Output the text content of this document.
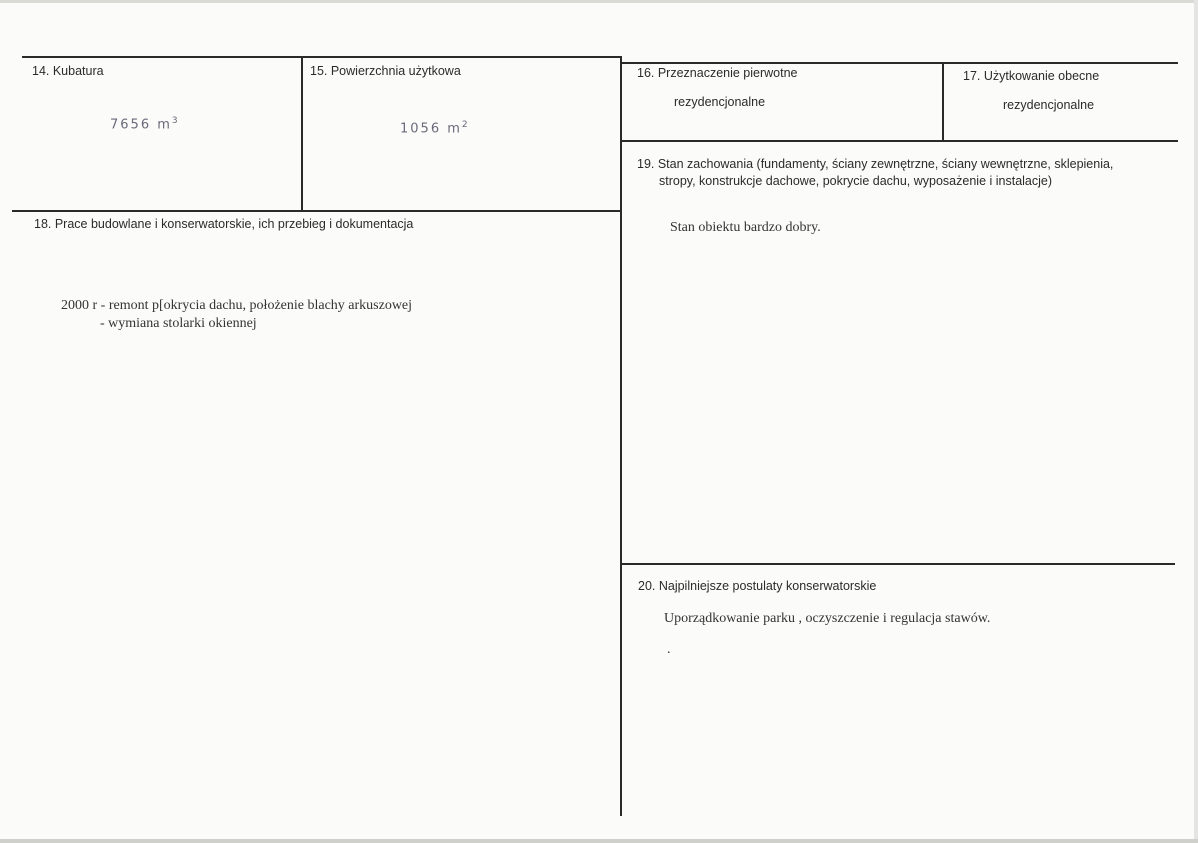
14. Kubatura
7656 $m^3$
15. Powierzchnia użytkowa
1056 $m^2$
16. Przeznaczenie pierwotne
rezydencjonalne
17. Użytkowanie obecne
rezydencjonalne
19. Stan zachowania (fundamenty, ściany zewnętrzne, ściany wewnętrzne, sklepienia,
stropy, konstrukcje dachowe, pokrycie dachu, wyposażenie i instalacje)
Stan obiektu bardzo dobry.
18. Prace budowlane i konserwatorskie, ich przebieg i dokumentacja
2000 r - remont p[okrycia dachu, położenie blachy arkuszowej
- wymiana stolarki okiennej
20. Najpilniejsze postulaty konserwatorskie
Uporządkowanie parku , oczyszczenie i regulacja stawów.
.
